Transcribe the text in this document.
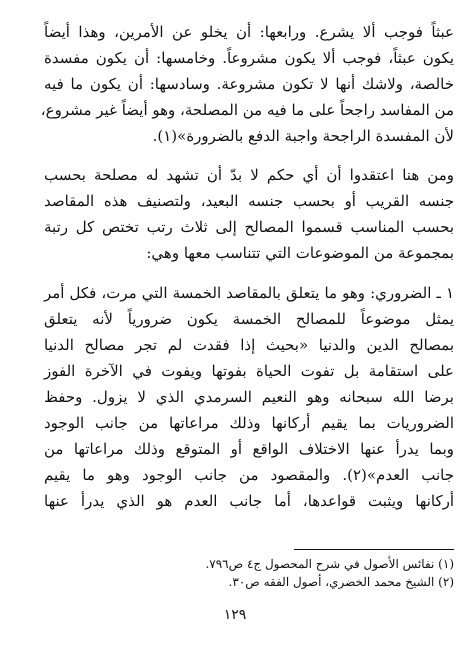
عبثاً فوجب ألا يشرع. ورابعها: أن يخلو عن الأمرين، وهذا أيضاً
يكون عبثاً، فوجب ألا يكون مشروعاً. وخامسها: أن يكون مفسدة
خالصة، ولاشك أنها لا تكون مشروعة. وسادسها: أن يكون ما فيه
من المفاسد راجحاً على ما فيه من المصلحة، وهو أيضاً غير مشروع،
لأن المفسدة الراجحة واجبة الدفع بالضرورة»(١).
ومن هنا اعتقدوا أن أي حكم لا بدّ أن تشهد له مصلحة بحسب
جنسه القريب أو بحسب جنسه البعيد، ولتصنيف هذه المقاصد
بحسب المناسب قسموا المصالح إلى ثلاث رتب تختص كل رتبة
بمجموعة من الموضوعات التي تتناسب معها وهي:
١ ـ الضروري: وهو ما يتعلق بالمقاصد الخمسة التي مرت، فكل أمر
يمثل موضوعاً للمصالح الخمسة يكون ضرورياً لأنه يتعلق
بمصالح الدين والدنيا «بحيث إذا فقدت لم تجر مصالح الدنيا
على استقامة بل تفوت الحياة بفوتها ويفوت في الآخرة الفوز
برضا الله سبحانه وهو النعيم السرمدي الذي لا يزول. وحفظ
الضروريات بما يقيم أركانها وذلك مراعاتها من جانب الوجود
وبما يدرأ عنها الاختلاف الواقع أو المتوقع وذلك مراعاتها من
جانب العدم»(٢). والمقصود من جانب الوجود وهو ما يقيم
أركانها ويثبت قواعدها، أما جانب العدم هو الذي يدرأ عنها
(١) نفائس الأصول في شرح المحصول ج٤ ص٧٩٦.
(٢) الشيخ محمد الخضري، أصول الفقه ص٣٠.
١٢٩
